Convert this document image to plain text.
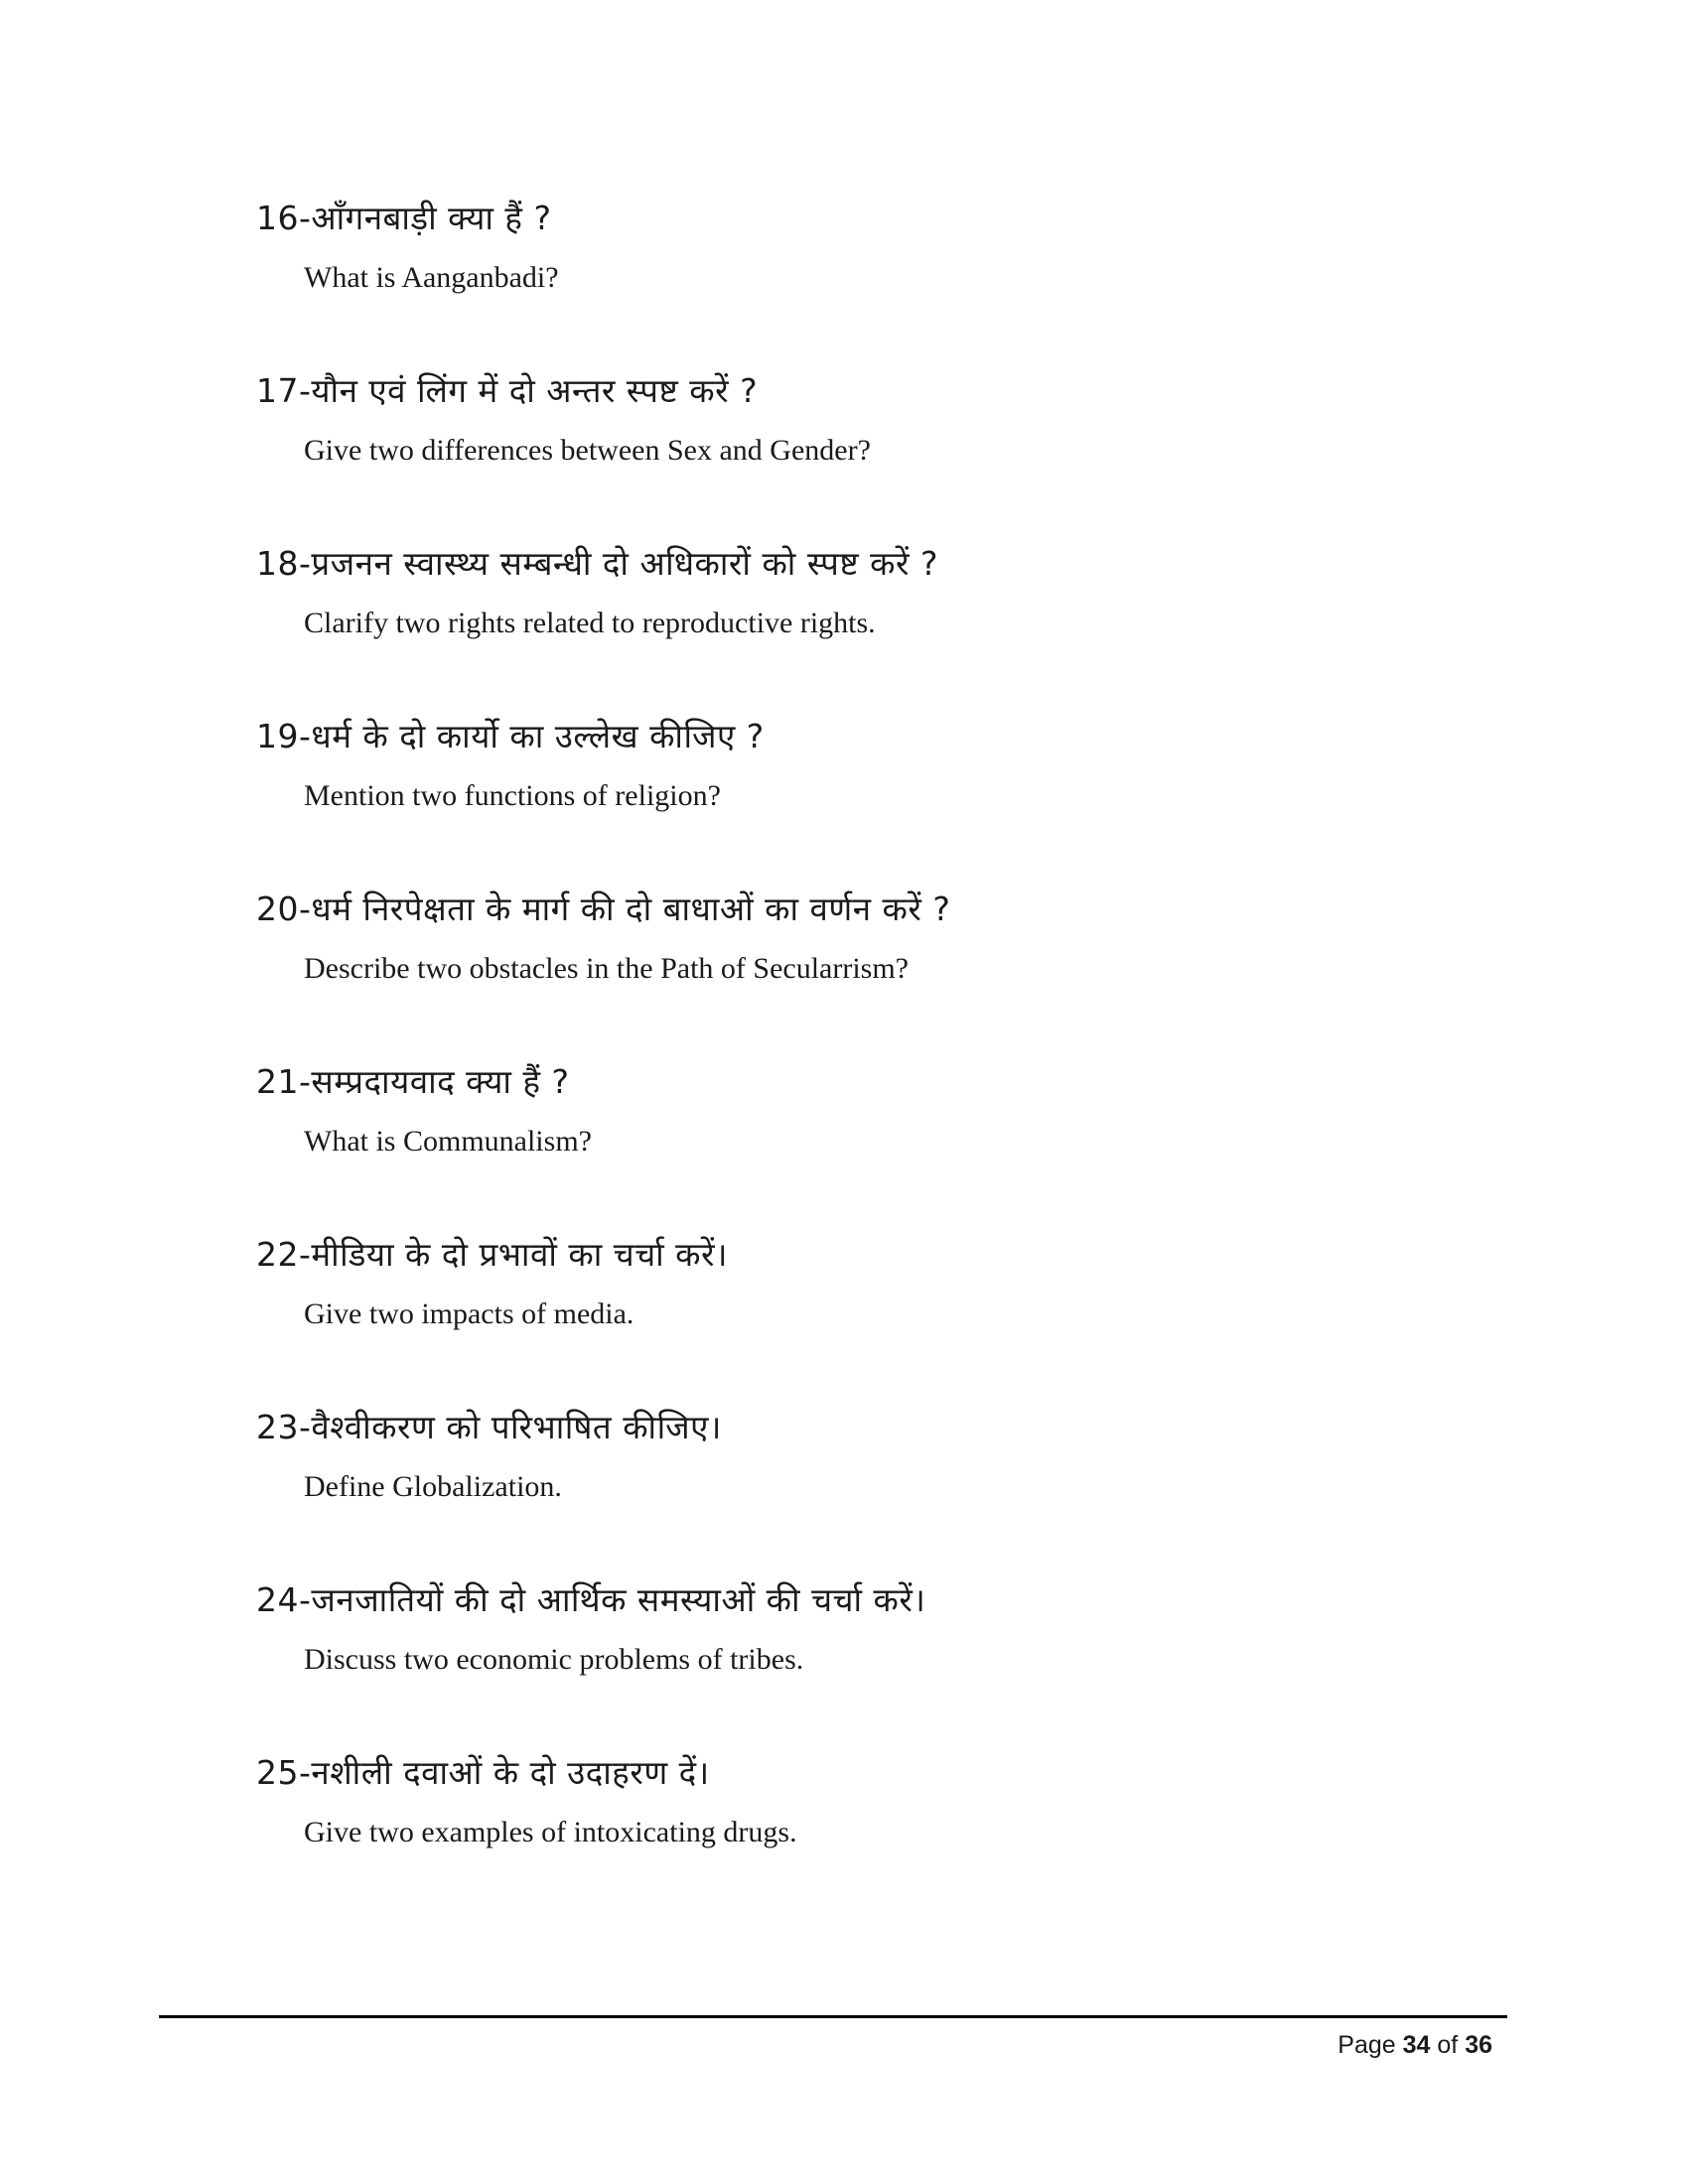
16-आँगनबाड़ी क्या हैं ?
What is Aanganbadi?
17-यौन एवं लिंग में दो अन्तर स्पष्ट करें ?
Give two differences between Sex and Gender?
18-प्रजनन स्वास्थ्य सम्बन्धी दो अधिकारों को स्पष्ट करें ?
Clarify two rights related to reproductive rights.
19-धर्म के दो कार्यो का उल्लेख कीजिए ?
Mention two functions of religion?
20-धर्म निरपेक्षता के मार्ग की दो बाधाओं का वर्णन करें ?
Describe two obstacles in the Path of Secularrism?
21-सम्प्रदायवाद क्या हैं ?
What is Communalism?
22-मीडिया के दो प्रभावों का चर्चा करें।
Give two impacts of media.
23-वैश्वीकरण को परिभाषित कीजिए।
Define Globalization.
24-जनजातियों की दो आर्थिक समस्याओं की चर्चा करें।
Discuss two economic problems of tribes.
25-नशीली दवाओं के दो उदाहरण दें।
Give two examples of intoxicating drugs.
Page 34 of 36
